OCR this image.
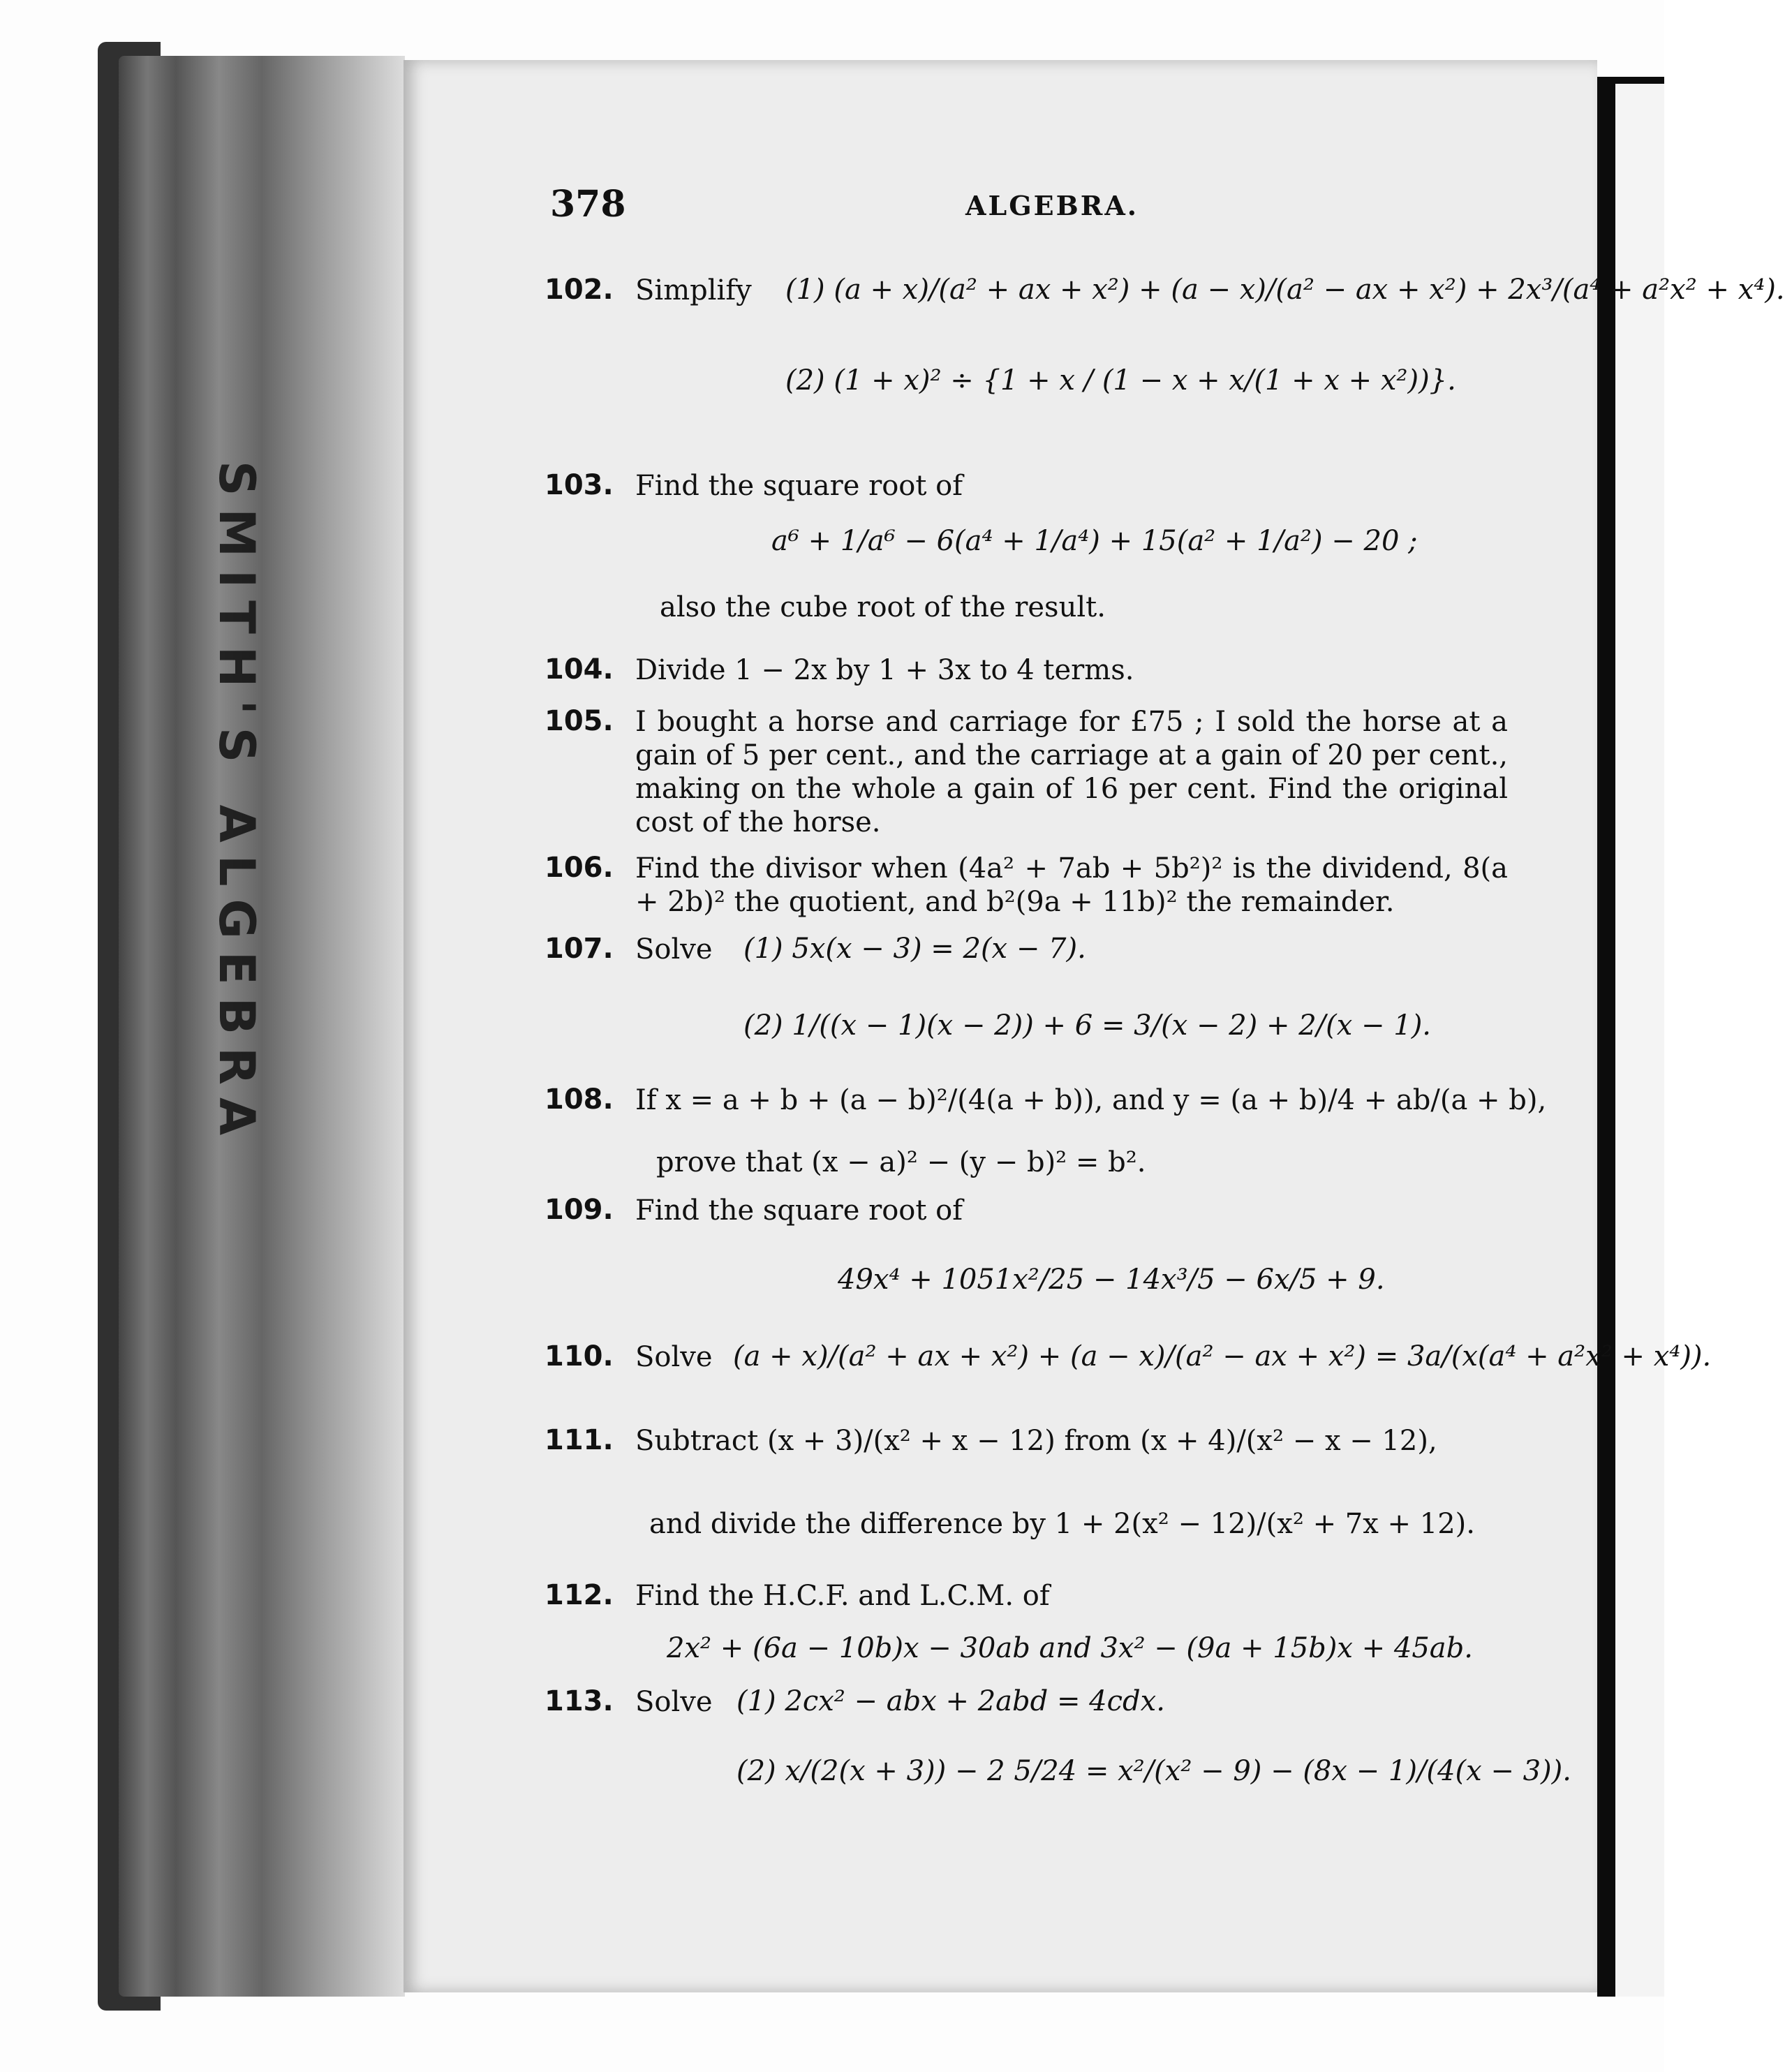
SMITH'S ALGEBRA
378	ALGEBRA.
102. Simplify (1) (a + x)/(a² + ax + x²) + (a − x)/(a² − ax + x²) + 2x³/(a⁴ + a²x² + x⁴).
(2) (1 + x)² ÷ {1 + x / (1 − x + x/(1 + x + x²))}.
103. Find the square root of
a⁶ + 1/a⁶ − 6(a⁴ + 1/a⁴) + 15(a² + 1/a²) − 20 ;
also the cube root of the result.
104. Divide 1 − 2x by 1 + 3x to 4 terms.
105. I bought a horse and carriage for £75 ; I sold the horse at a gain of 5 per cent., and the carriage at a gain of 20 per cent., making on the whole a gain of 16 per cent. Find the original cost of the horse.
106. Find the divisor when (4a² + 7ab + 5b²)² is the dividend, 8(a + 2b)² the quotient, and b²(9a + 11b)² the remainder.
107. Solve (1) 5x(x − 3) = 2(x − 7).
(2) 1/((x − 1)(x − 2)) + 6 = 3/(x − 2) + 2/(x − 1).
108. If x = a + b + (a − b)²/(4(a + b)), and y = (a + b)/4 + ab/(a + b),
prove that (x − a)² − (y − b)² = b².
109. Find the square root of
49x⁴ + 1051x²/25 − 14x³/5 − 6x/5 + 9.
110. Solve (a + x)/(a² + ax + x²) + (a − x)/(a² − ax + x²) = 3a/(x(a⁴ + a²x² + x⁴)).
111. Subtract (x + 3)/(x² + x − 12) from (x + 4)/(x² − x − 12),
and divide the difference by 1 + 2(x² − 12)/(x² + 7x + 12).
112. Find the H.C.F. and L.C.M. of
2x² + (6a − 10b)x − 30ab and 3x² − (9a + 15b)x + 45ab.
113. Solve (1) 2cx² − abx + 2abd = 4cdx.
(2) x/(2(x + 3)) − 2 5/24 = x²/(x² − 9) − (8x − 1)/(4(x − 3)).
